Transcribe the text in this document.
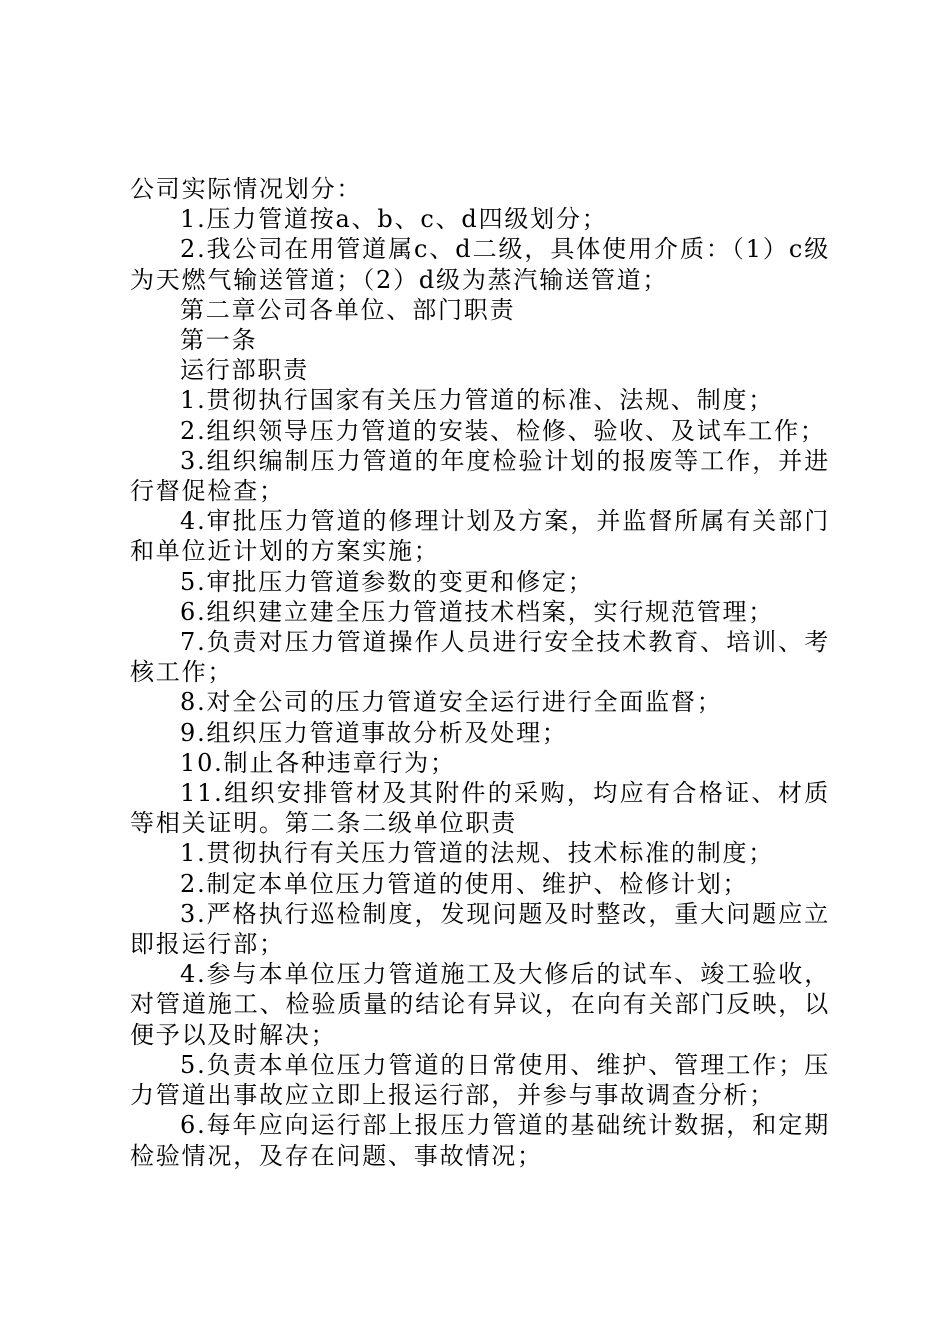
公司实际情况划分：

1.压力管道按a、b、c、d四级划分；

2.我公司在用管道属c、d二级，具体使用介质：（1）c级为天燃气输送管道；（2）d级为蒸汽输送管道；

第二章公司各单位、部门职责

第一条

运行部职责

1.贯彻执行国家有关压力管道的标准、法规、制度；

2.组织领导压力管道的安装、检修、验收、及试车工作；

3.组织编制压力管道的年度检验计划的报废等工作，并进行督促检查；

4.审批压力管道的修理计划及方案，并监督所属有关部门和单位近计划的方案实施；

5.审批压力管道参数的变更和修定；

6.组织建立建全压力管道技术档案，实行规范管理；

7.负责对压力管道操作人员进行安全技术教育、培训、考核工作；

8.对全公司的压力管道安全运行进行全面监督；

9.组织压力管道事故分析及处理；

10.制止各种违章行为；

11.组织安排管材及其附件的采购，均应有合格证、材质等相关证明。第二条二级单位职责

1.贯彻执行有关压力管道的法规、技术标准的制度；

2.制定本单位压力管道的使用、维护、检修计划；

3.严格执行巡检制度，发现问题及时整改，重大问题应立即报运行部；

4.参与本单位压力管道施工及大修后的试车、竣工验收，对管道施工、检验质量的结论有异议，在向有关部门反映，以便予以及时解决；

5.负责本单位压力管道的日常使用、维护、管理工作；压力管道出事故应立即上报运行部，并参与事故调查分析；

6.每年应向运行部上报压力管道的基础统计数据，和定期检验情况，及存在问题、事故情况；
